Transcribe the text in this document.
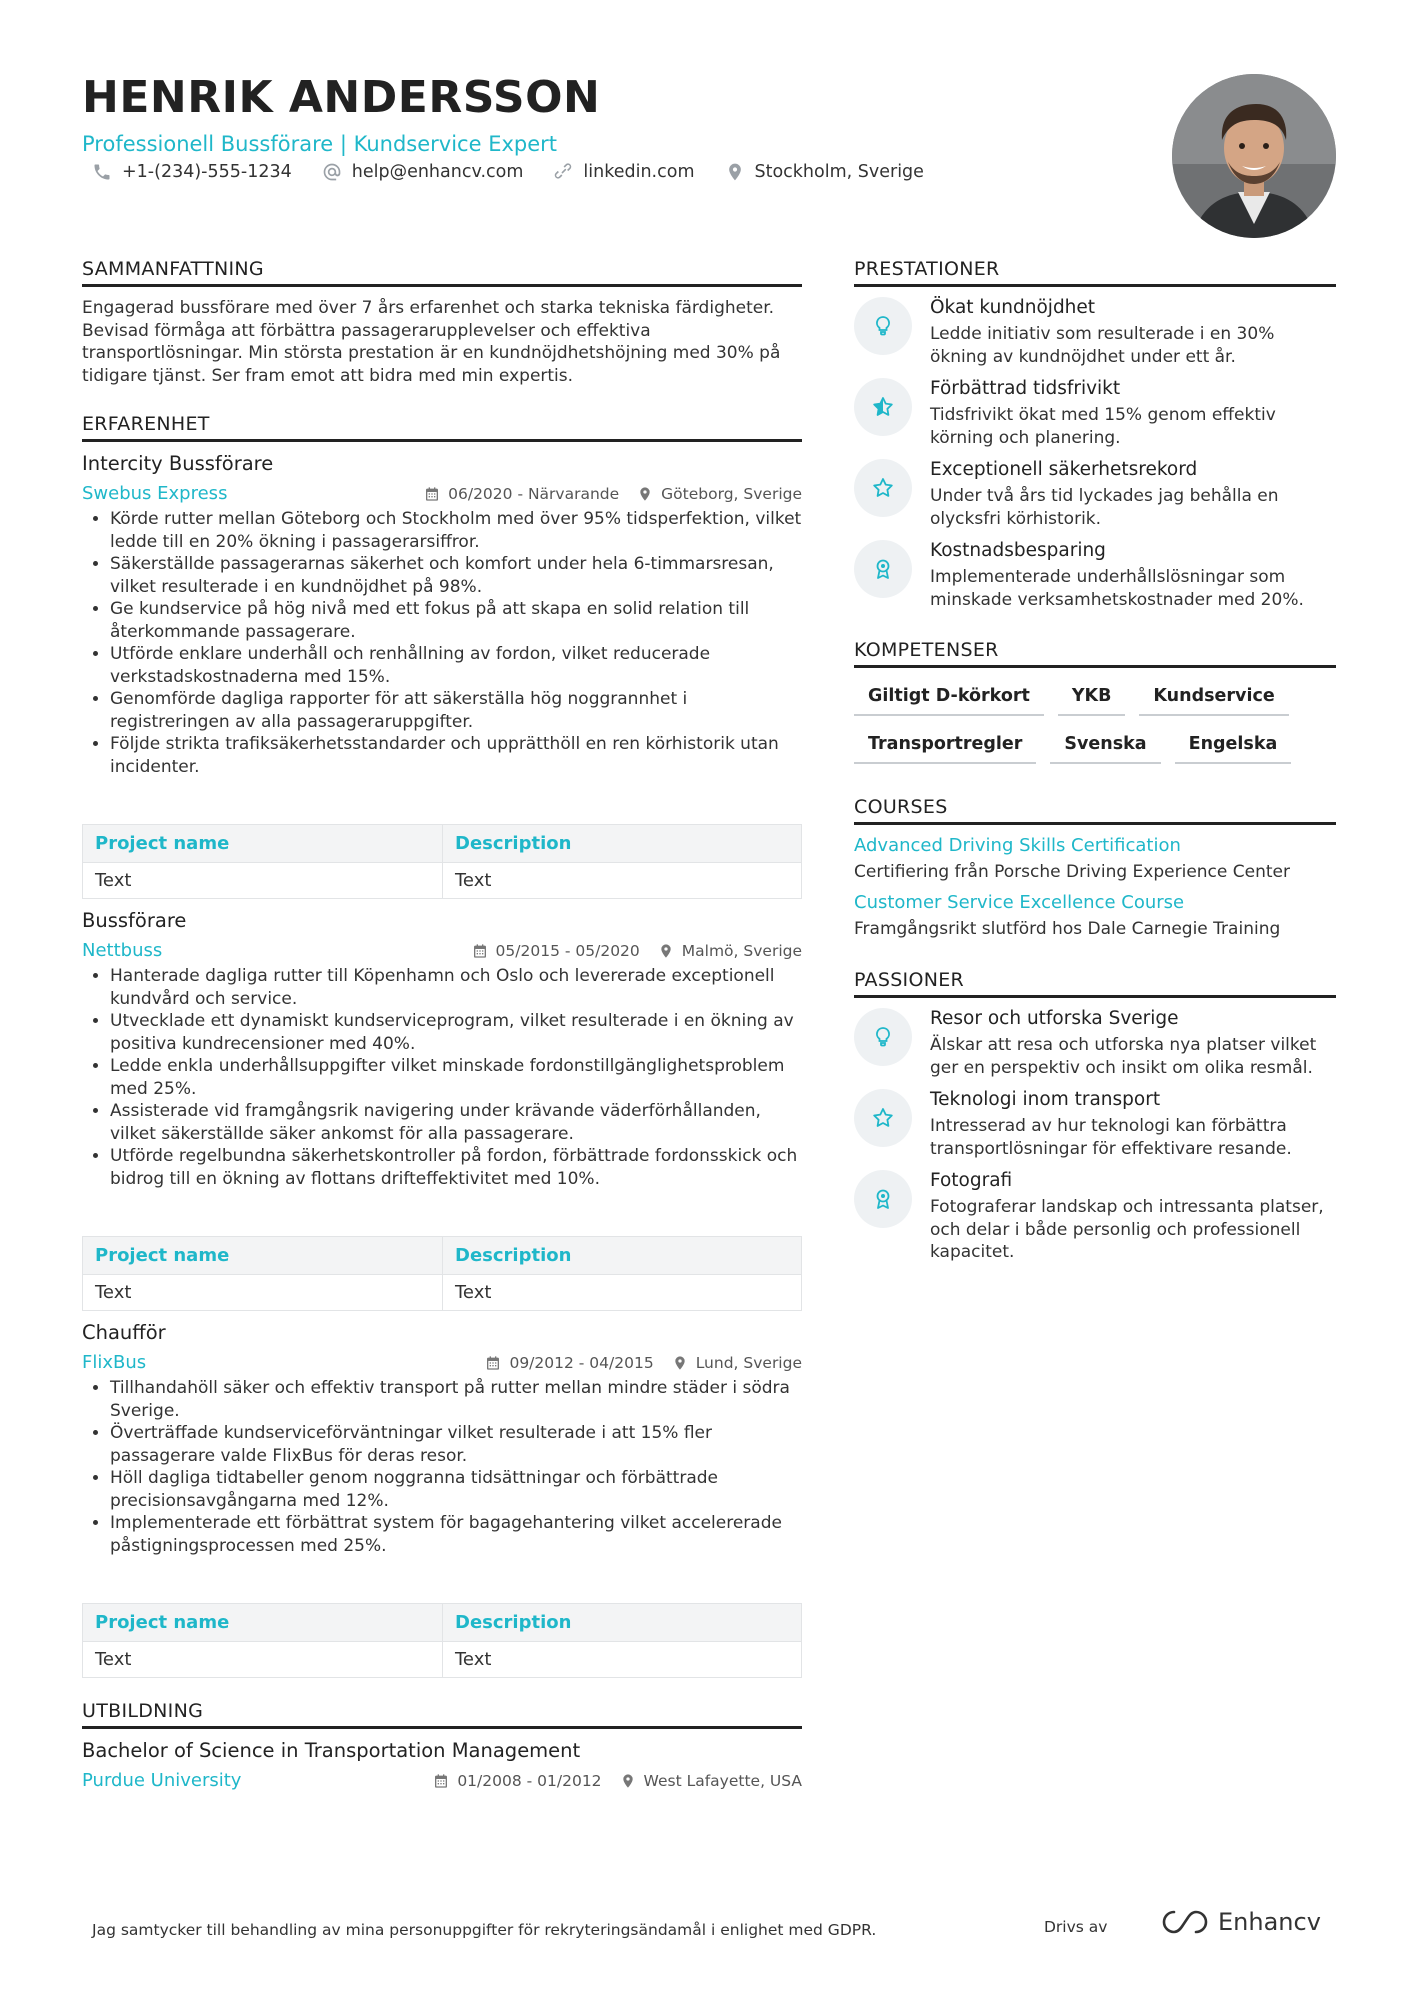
HENRIK ANDERSSON
Professionell Bussförare | Kundservice Expert
+1-(234)-555-1234	help@enhancv.com	linkedin.com	Stockholm, Sverige
SAMMANFATTNING
Engagerad bussförare med över 7 års erfarenhet och starka tekniska färdigheter. Bevisad förmåga att förbättra passagerarupplevelser och effektiva transportlösningar. Min största prestation är en kundnöjdhetshöjning med 30% på tidigare tjänst. Ser fram emot att bidra med min expertis.
ERFARENHET
Intercity Bussförare
Swebus Express	06/2020 - Närvarande	Göteborg, Sverige
• Körde rutter mellan Göteborg och Stockholm med över 95% tidsperfektion, vilket ledde till en 20% ökning i passagerarsiffror.
• Säkerställde passagerarnas säkerhet och komfort under hela 6-timmarsresan, vilket resulterade i en kundnöjdhet på 98%.
• Ge kundservice på hög nivå med ett fokus på att skapa en solid relation till återkommande passagerare.
• Utförde enklare underhåll och renhållning av fordon, vilket reducerade verkstadskostnaderna med 15%.
• Genomförde dagliga rapporter för att säkerställa hög noggrannhet i registreringen av alla passageraruppgifter.
• Följde strikta trafiksäkerhetsstandarder och upprätthöll en ren körhistorik utan incidenter.
Project name	Description
Text	Text
Bussförare
Nettbuss	05/2015 - 05/2020	Malmö, Sverige
• Hanterade dagliga rutter till Köpenhamn och Oslo och levererade exceptionell kundvård och service.
• Utvecklade ett dynamiskt kundserviceprogram, vilket resulterade i en ökning av positiva kundrecensioner med 40%.
• Ledde enkla underhållsuppgifter vilket minskade fordonstillgänglighetsproblem med 25%.
• Assisterade vid framgångsrik navigering under krävande väderförhållanden, vilket säkerställde säker ankomst för alla passagerare.
• Utförde regelbundna säkerhetskontroller på fordon, förbättrade fordonsskick och bidrog till en ökning av flottans drifteffektivitet med 10%.
Project name	Description
Text	Text
Chaufför
FlixBus	09/2012 - 04/2015	Lund, Sverige
• Tillhandahöll säker och effektiv transport på rutter mellan mindre städer i södra Sverige.
• Överträffade kundserviceförväntningar vilket resulterade i att 15% fler passagerare valde FlixBus för deras resor.
• Höll dagliga tidtabeller genom noggranna tidsättningar och förbättrade precisionsavgångarna med 12%.
• Implementerade ett förbättrat system för bagagehantering vilket accelererade påstigningsprocessen med 25%.
Project name	Description
Text	Text
UTBILDNING
Bachelor of Science in Transportation Management
Purdue University	01/2008 - 01/2012	West Lafayette, USA
PRESTATIONER
Ökat kundnöjdhet
Ledde initiativ som resulterade i en 30% ökning av kundnöjdhet under ett år.
Förbättrad tidsfrivikt
Tidsfrivikt ökat med 15% genom effektiv körning och planering.
Exceptionell säkerhetsrekord
Under två års tid lyckades jag behålla en olycksfri körhistorik.
Kostnadsbesparing
Implementerade underhållslösningar som minskade verksamhetskostnader med 20%.
KOMPETENSER
Giltigt D-körkort	YKB	Kundservice
Transportregler	Svenska	Engelska
COURSES
Advanced Driving Skills Certification
Certifiering från Porsche Driving Experience Center
Customer Service Excellence Course
Framgångsrikt slutförd hos Dale Carnegie Training
PASSIONER
Resor och utforska Sverige
Älskar att resa och utforska nya platser vilket ger en perspektiv och insikt om olika resmål.
Teknologi inom transport
Intresserad av hur teknologi kan förbättra transportlösningar för effektivare resande.
Fotografi
Fotograferar landskap och intressanta platser, och delar i både personlig och professionell kapacitet.
Jag samtycker till behandling av mina personuppgifter för rekryteringsändamål i enlighet med GDPR.	Drivs av	Enhancv
